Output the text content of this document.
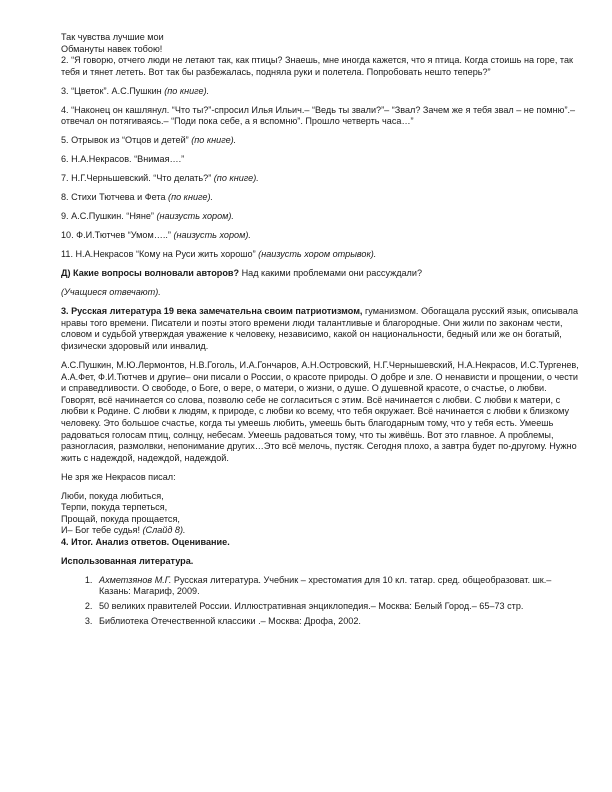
Так чувства лучшие мои

Обмануты навек тобою!

2. “Я говорю, отчего люди не летают так, как птицы? Знаешь, мне иногда кажется, что я птица. Когда стоишь на горе, так тебя и тянет лететь. Вот так бы разбежалась, подняла руки и полетела. Попробовать нешто теперь?”

3. “Цветок”. А.С.Пушкин (по книге).

4. “Наконец он кашлянул. “Что ты?”-спросил Илья Ильич.– “Ведь ты звали?”– “Звал? Зачем же я тебя звал – не помню”.– отвечал он потягиваясь.– “Поди пока себе, а я вспомню”. Прошло четверть часа…”

5. Отрывок из “Отцов и детей” (по книге).

6. Н.А.Некрасов. “Внимая….”

7. Н.Г.Черньшевский. “Что делать?” (по книге).

8. Стихи Тютчева и Фета (по книге).

9. А.С.Пушкин. “Няне” (наизусть хором).

10. Ф.И.Тютчев “Умом…..” (наизусть хором).

11. Н.А.Некрасов “Кому на Руси жить хорошо” (наизусть хором отрывок).

Д) Какие вопросы волновали авторов? Над какими проблемами они рассуждали?

(Учащиеся отвечают).

3. Русская литература 19 века замечательна своим патриотизмом, гуманизмом. Обогащала русский язык, описывала нравы того времени. Писатели и поэты этого времени люди талантливые и благородные. Они жили по законам чести, словом и судьбой утверждая уважение к человеку, независимо, какой он национальности, бедный или же он богатый, физически здоровый или инвалид.

А.С.Пушкин, М.Ю.Лермонтов, Н.В.Гоголь, И.А.Гончаров, А.Н.Островский, Н.Г.Чернышевский, Н.А.Некрасов, И.С.Тургенев, А.А.Фет, Ф.И.Тютчев и другие– они писали о России, о красоте природы. О добре и зле. О ненависти и прощении, о чести и справедливости. О свободе, о Боге, о вере, о матери, о жизни, о душе. О душевной красоте, о счастье, о любви. Говорят, всё начинается со слова, позволю себе не согласиться с этим. Всё начинается с любви. С любви к матери, с любви к Родине. С любви к людям, к природе, с любви ко всему, что тебя окружает. Всё начинается с любви к близкому человеку. Это большое счастье, когда ты умеешь любить, умеешь быть благодарным тому, что у тебя есть. Умеешь радоваться голосам птиц, солнцу, небесам. Умеешь радоваться тому, что ты живёшь. Вот это главное. А проблемы, разногласия, размолвки, непонимание других…Это всё мелочь, пустяк. Сегодня плохо, а завтра будет по-другому. Нужно жить с надеждой, надеждой, надеждой.

Не зря же Некрасов писал:

Люби, покуда любиться,

Терпи, покуда терпеться,

Прощай, покуда прощается,

И– Бог тебе судья! (Слайд 8).

4. Итог. Анализ ответов. Оценивание.

Использованная литература.

1. Ахметзянов М.Г. Русская литература. Учебник – хрестоматия для 10 кл. татар. сред. общеобразоват. шк.– Казань: Магариф, 2009.
2. 50 великих правителей России. Иллюстративная энциклопедия.– Москва: Белый Город.– 65–73 стр.
3. Библиотека Отечественной классики .– Москва: Дрофа, 2002.
